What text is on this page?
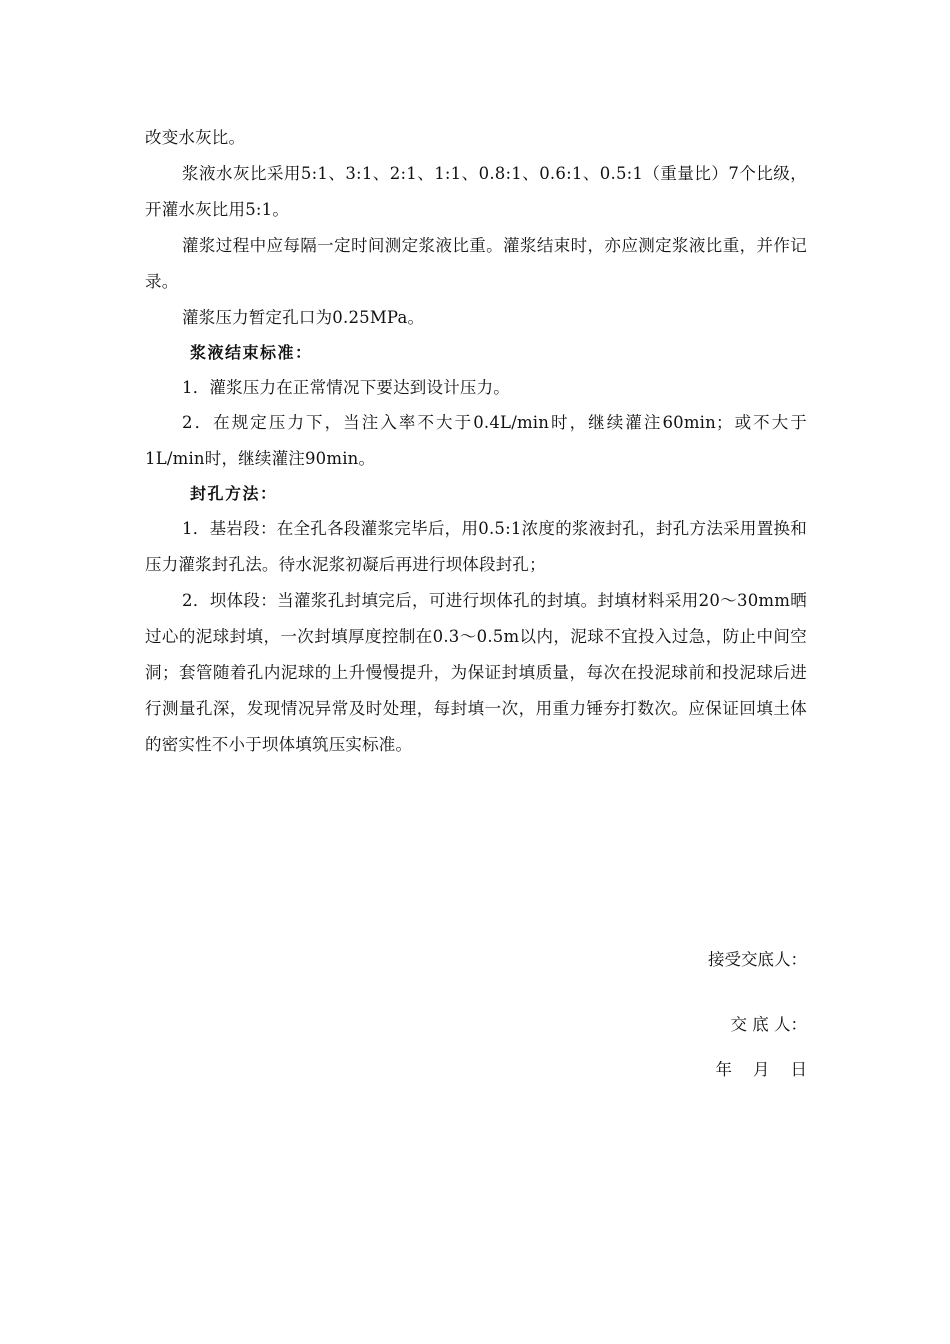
改变水灰比。

浆液水灰比采用5:1、3:1、2:1、1:1、0.8:1、0.6:1、0.5:1（重量比）7个比级，开灌水灰比用5:1。

灌浆过程中应每隔一定时间测定浆液比重。灌浆结束时，亦应测定浆液比重，并作记录。

灌浆压力暂定孔口为0.25MPa。

浆液结束标准：

1．灌浆压力在正常情况下要达到设计压力。

2．在规定压力下，当注入率不大于0.4L/min时，继续灌注60min；或不大于1L/min时，继续灌注90min。

封孔方法：

1．基岩段：在全孔各段灌浆完毕后，用0.5:1浓度的浆液封孔，封孔方法采用置换和压力灌浆封孔法。待水泥浆初凝后再进行坝体段封孔；

2．坝体段：当灌浆孔封填完后，可进行坝体孔的封填。封填材料采用20～30mm晒过心的泥球封填，一次封填厚度控制在0.3～0.5m以内，泥球不宜投入过急，防止中间空洞；套管随着孔内泥球的上升慢慢提升，为保证封填质量，每次在投泥球前和投泥球后进行测量孔深，发现情况异常及时处理，每封填一次，用重力锤夯打数次。应保证回填土体的密实性不小于坝体填筑压实标准。

接受交底人：

交 底 人：

年    月    日
